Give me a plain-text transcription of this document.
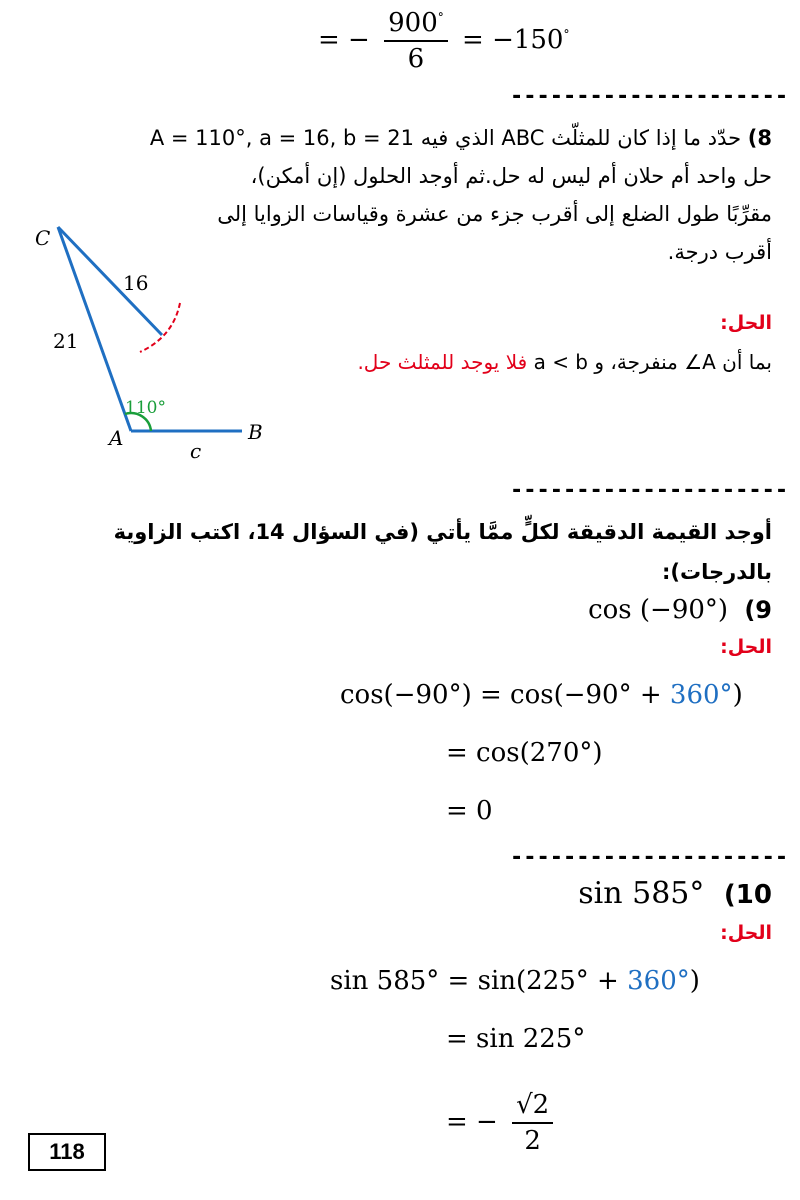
= − $\frac{900^\circ}{6} = -150^\circ$
---------------------
8) حدّد ما إذا كان للمثلّث ABC الذي فيه A = 110°, a = 16, b = 21
حل واحد أم حلان أم ليس له حل.ثم أوجد الحلول (إن أمكن)،
مقرِّبًا طول الضلع إلى أقرب جزء من عشرة وقياسات الزوايا إلى
أقرب درجة.
الحل:
بما أن A∠ منفرجة، و a < b فلا يوجد للمثلث حل.
C
16
21
110°
A	B
c
---------------------
أوجد القيمة الدقيقة لكلٍّ ممَّا يأتي (في السؤال 14، اكتب الزاوية
بالدرجات):
cos (−90°) (9
الحل:
cos(−90°) = cos(−90° + 360°)
= cos(270°)
= 0
---------------------
sin 585° (10
الحل:
sin 585° = sin(225° + 360°)
= sin 225°
= − $\frac{√2}{2}$
118
